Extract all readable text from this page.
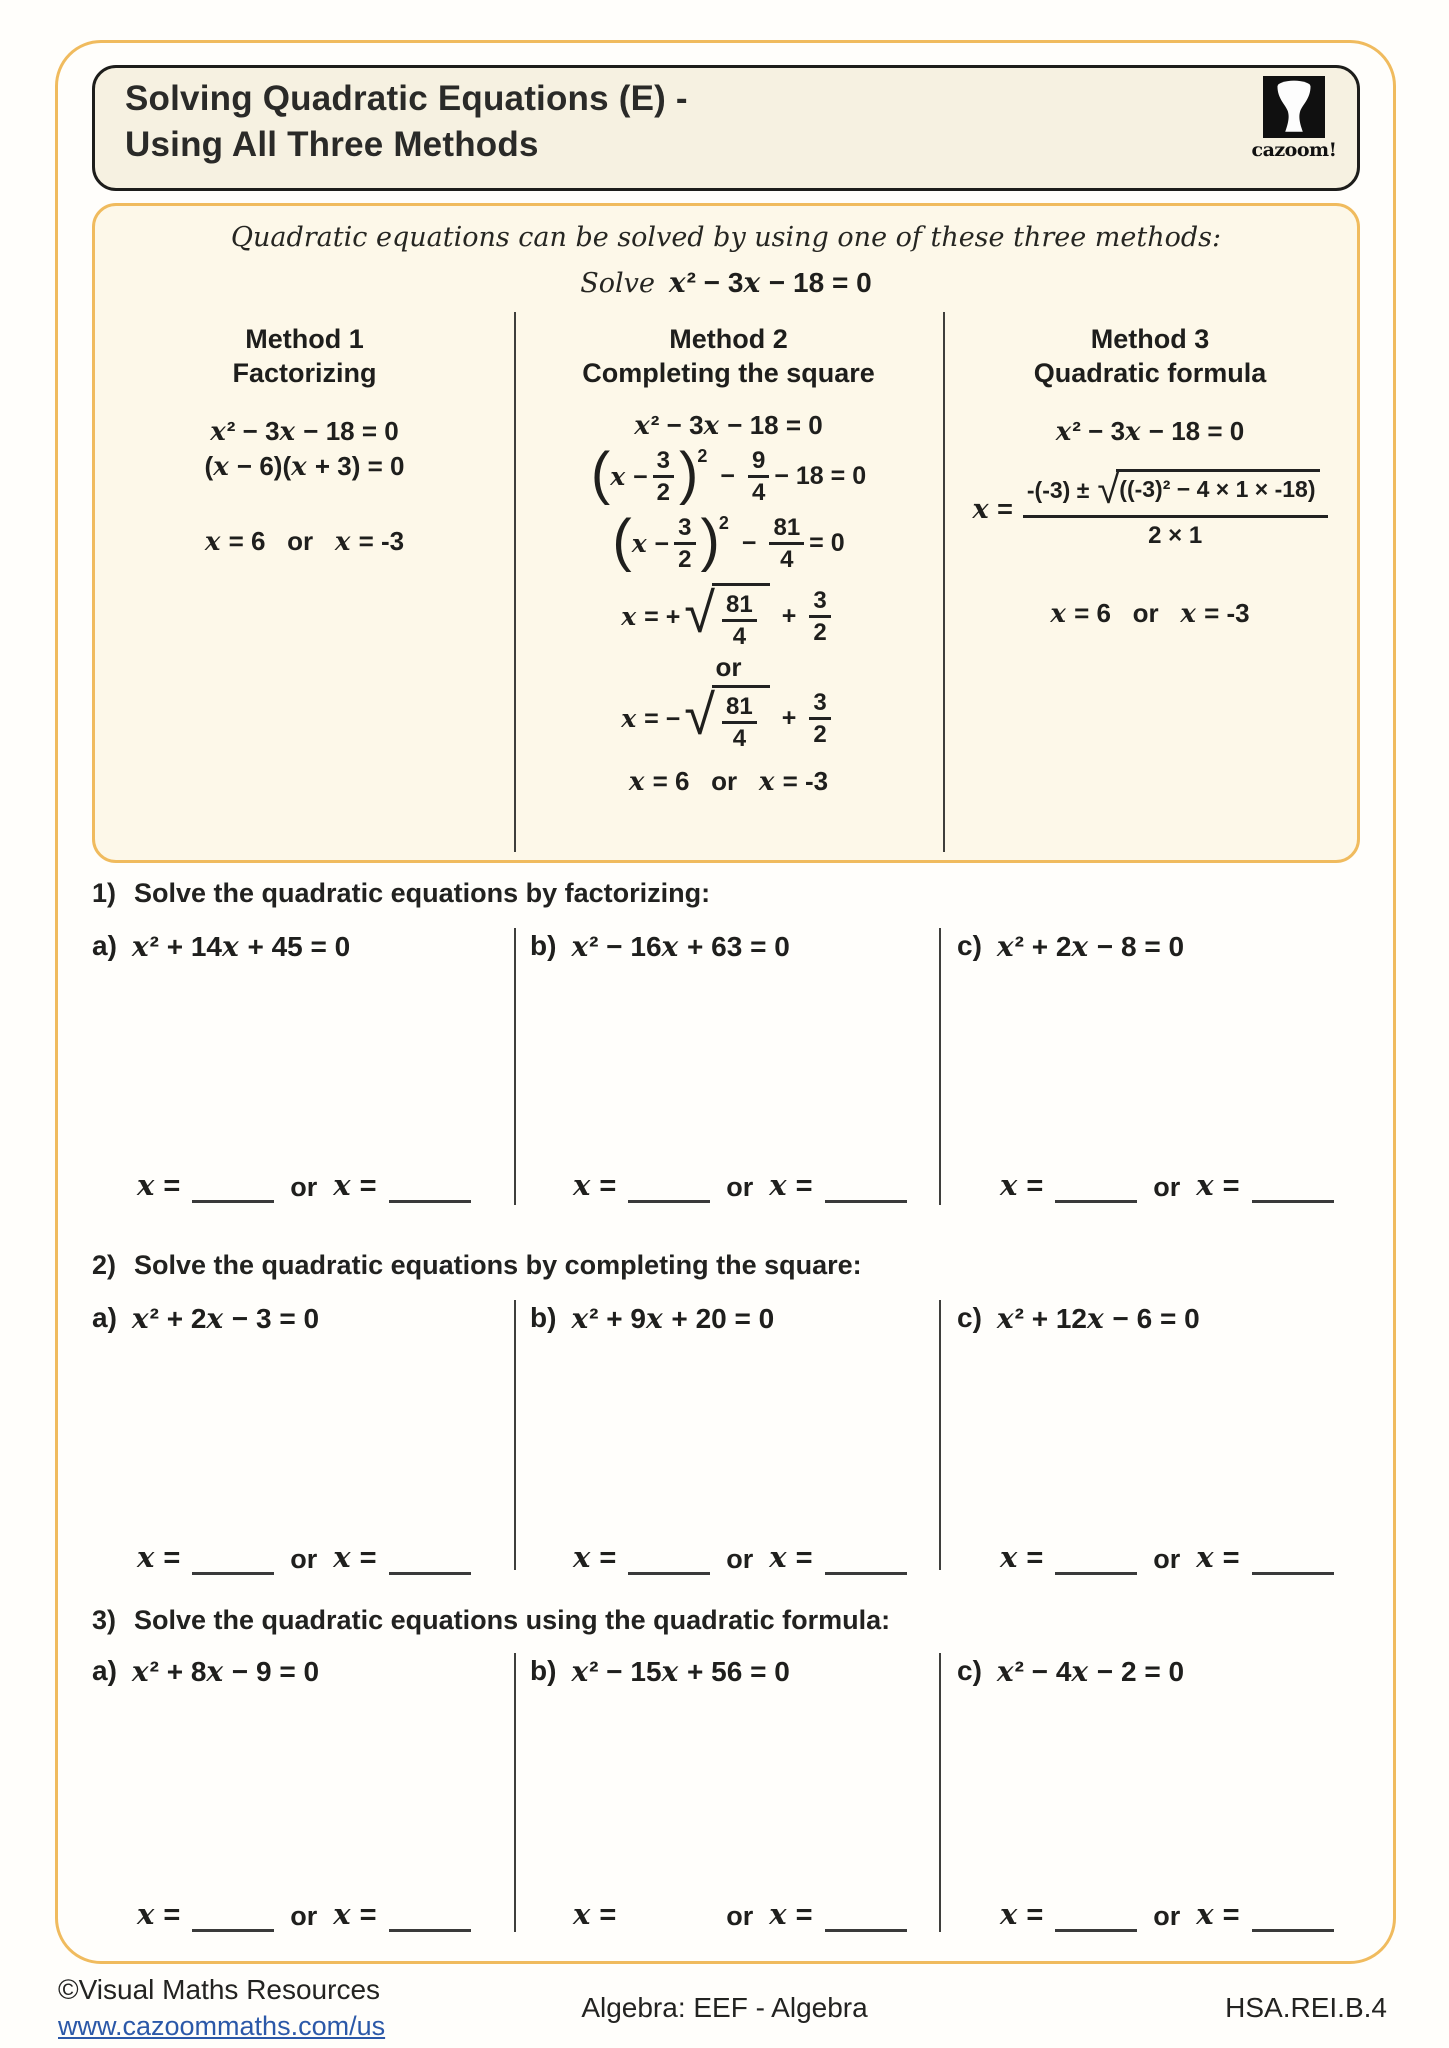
Solving Quadratic Equations (E) -
Using All Three Methods	cazoom!
Quadratic equations can be solved by using one of these three methods:
Solve x² − 3x − 18 = 0
Method 1
Factorizing
x² − 3x − 18 = 0
(x − 6)(x + 3) = 0
x = 6   or   x = -3
Method 2
Completing the square
x² − 3x − 18 = 0
( $x - \frac{3}{2}$ ) 2
− $\frac{9}{4} - 18 = 0$
( $x - \frac{3}{2}$ ) 2
− $\frac{81}{4} = 0$
x = + √ $\frac{81}{4} + \frac{3}{2}$
or
x = − √ $\frac{81}{4} + \frac{3}{2}$
x = 6   or   x = -3
Method 3
Quadratic formula
x² − 3x − 18 = 0
x =
-(-3) ± √ ((-3)² − 4 × 1 × -18)
2 × 1
x = 6   or   x = -3
1) Solve the quadratic equations by factorizing:
a) x² + 14x + 45 = 0	b) x² − 16x + 63 = 0	c) x² + 2x − 8 = 0
x =	or x =	x =	or x =	x =	or x =
2) Solve the quadratic equations by completing the square:
a) x² + 2x − 3 = 0	b) x² + 9x + 20 = 0	c) x² + 12x − 6 = 0
x =	or x =	x =	or x =	x =	or x =
3) Solve the quadratic equations using the quadratic formula:
a) x² + 8x − 9 = 0	b) x² − 15x + 56 = 0	c) x² − 4x − 2 = 0
x =	or x =	x =	or x =	x =	or x =
©Visual Maths Resources
www.cazoommaths.com/us
Algebra: EEF - Algebra	HSA.REI.B.4
